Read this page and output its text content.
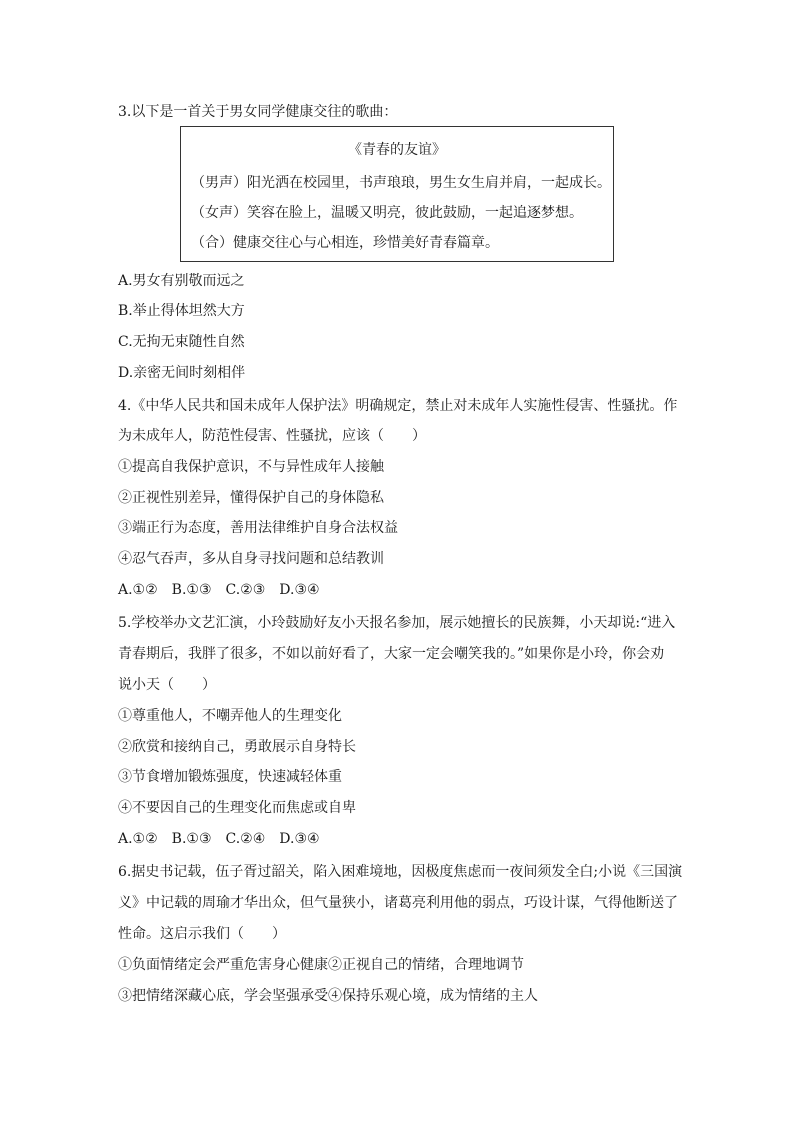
3.以下是一首关于男女同学健康交往的歌曲：
《青春的友谊》
（男声）阳光洒在校园里，书声琅琅，男生女生肩并肩，一起成长。
（女声）笑容在脸上，温暖又明亮，彼此鼓励，一起追逐梦想。
（合）健康交往心与心相连，珍惜美好青春篇章。
A.男女有别敬而远之
B.举止得体坦然大方
C.无拘无束随性自然
D.亲密无间时刻相伴
4.《中华人民共和国未成年人保护法》明确规定，禁止对未成年人实施性侵害、性骚扰。作
为未成年人，防范性侵害、性骚扰，应该（　　）
①提高自我保护意识，不与异性成年人接触
②正视性别差异，懂得保护自己的身体隐私
③端正行为态度，善用法律维护自身合法权益
④忍气吞声，多从自身寻找问题和总结教训
A.①②　B.①③　C.②③　D.③④
5.学校举办文艺汇演，小玲鼓励好友小天报名参加，展示她擅长的民族舞，小天却说:“进入
青春期后，我胖了很多，不如以前好看了，大家一定会嘲笑我的。”如果你是小玲，你会劝
说小天（　　）
①尊重他人，不嘲弄他人的生理变化
②欣赏和接纳自己，勇敢展示自身特长
③节食增加锻炼强度，快速减轻体重
④不要因自己的生理变化而焦虑或自卑
A.①②　B.①③　C.②④　D.③④
6.据史书记载，伍子胥过韶关，陷入困难境地，因极度焦虑而一夜间须发全白;小说《三国演
义》中记载的周瑜才华出众，但气量狭小，诸葛亮利用他的弱点，巧设计谋，气得他断送了
性命。这启示我们（　　）
①负面情绪定会严重危害身心健康②正视自己的情绪，合理地调节
③把情绪深藏心底，学会坚强承受④保持乐观心境，成为情绪的主人
